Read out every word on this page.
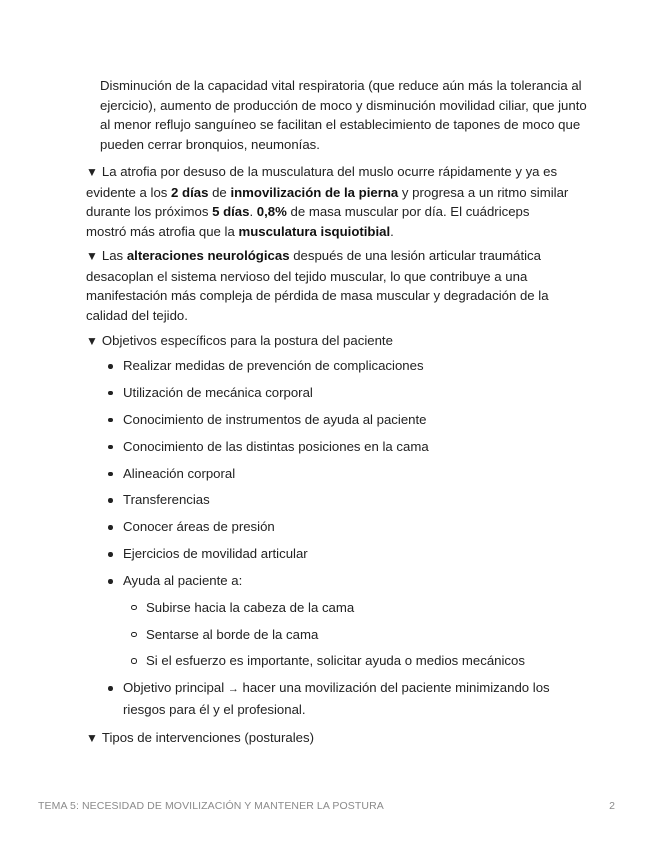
Disminución de la capacidad vital respiratoria (que reduce aún más la tolerancia al ejercicio), aumento de producción de moco y disminución movilidad ciliar, que junto al menor reflujo sanguíneo se facilitan el establecimiento de tapones de moco que pueden cerrar bronquios, neumonías.

▼ La atrofia por desuso de la musculatura del muslo ocurre rápidamente y ya es evidente a los 2 días de inmovilización de la pierna y progresa a un ritmo similar durante los próximos 5 días. 0,8% de masa muscular por día. El cuádriceps mostró más atrofia que la musculatura isquiotibial.

▼ Las alteraciones neurológicas después de una lesión articular traumática desacoplan el sistema nervioso del tejido muscular, lo que contribuye a una manifestación más compleja de pérdida de masa muscular y degradación de la calidad del tejido.

▼ Objetivos específicos para la postura del paciente

Realizar medidas de prevención de complicaciones
Utilización de mecánica corporal
Conocimiento de instrumentos de ayuda al paciente
Conocimiento de las distintas posiciones en la cama
Alineación corporal
Transferencias
Conocer áreas de presión
Ejercicios de movilidad articular
Ayuda al paciente a:
Subirse hacia la cabeza de la cama
Sentarse al borde de la cama
Si el esfuerzo es importante, solicitar ayuda o medios mecánicos
Objetivo principal → hacer una movilización del paciente minimizando los riesgos para él y el profesional.

▼ Tipos de intervenciones (posturales)

TEMA 5: NECESIDAD DE MOVILIZACIÓN Y MANTENER LA POSTURA	2
